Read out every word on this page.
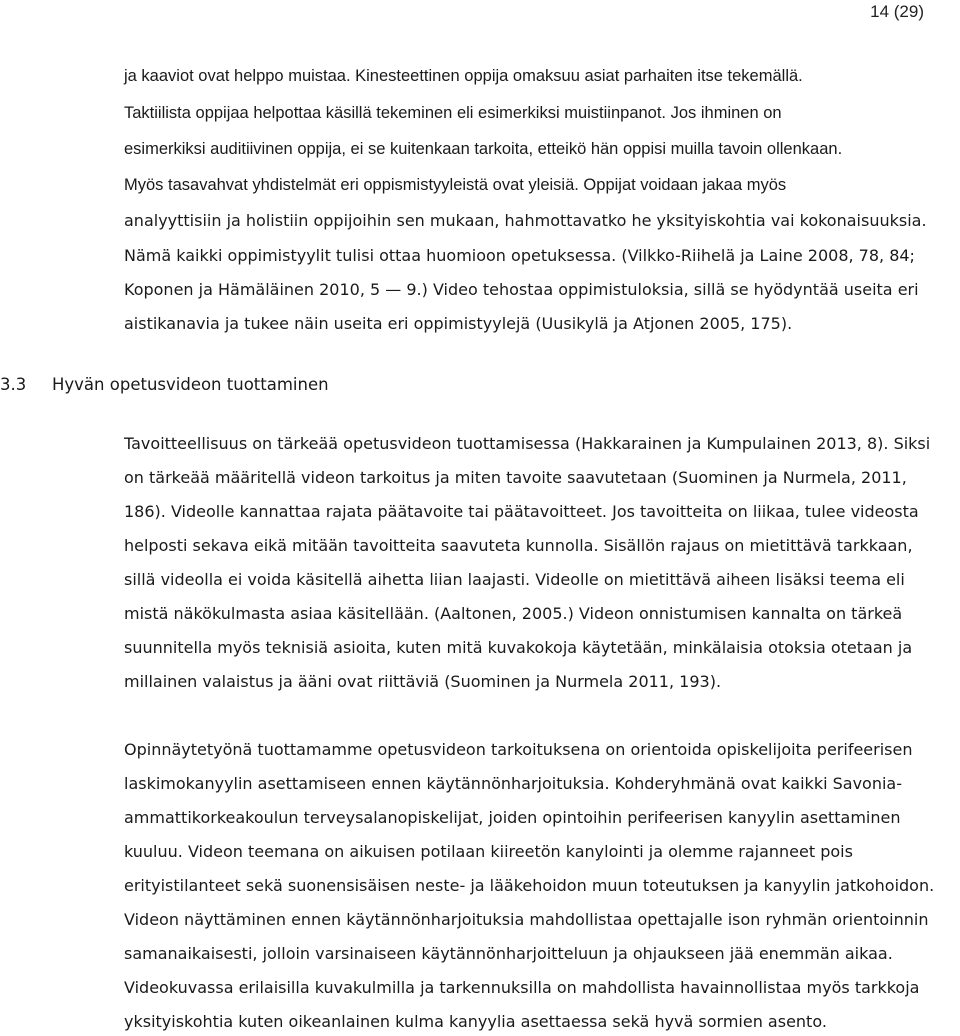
14 (29)
ja kaaviot ovat helppo muistaa. Kinesteettinen oppija omaksuu asiat parhaiten itse tekemällä.
Taktiilista oppijaa helpottaa käsillä tekeminen eli esimerkiksi muistiinpanot. Jos ihminen on
esimerkiksi auditiivinen oppija, ei se kuitenkaan tarkoita, etteikö hän oppisi muilla tavoin ollenkaan.
Myös tasavahvat yhdistelmät eri oppismistyyleistä ovat yleisiä. Oppijat voidaan jakaa myös
analyyttisiin ja holistiin oppijoihin sen mukaan, hahmottavatko he yksityiskohtia vai kokonaisuuksia.
Nämä kaikki oppimistyylit tulisi ottaa huomioon opetuksessa. (Vilkko-Riihelä ja Laine 2008, 78, 84;
Koponen ja Hämäläinen 2010, 5 — 9.) Video tehostaa oppimistuloksia, sillä se hyödyntää useita eri
aistikanavia ja tukee näin useita eri oppimistyylejä (Uusikylä ja Atjonen 2005, 175).
3.3 Hyvän opetusvideon tuottaminen
Tavoitteellisuus on tärkeää opetusvideon tuottamisessa (Hakkarainen ja Kumpulainen 2013, 8). Siksi
on tärkeää määritellä videon tarkoitus ja miten tavoite saavutetaan (Suominen ja Nurmela, 2011,
186). Videolle kannattaa rajata päätavoite tai päätavoitteet. Jos tavoitteita on liikaa, tulee videosta
helposti sekava eikä mitään tavoitteita saavuteta kunnolla. Sisällön rajaus on mietittävä tarkkaan,
sillä videolla ei voida käsitellä aihetta liian laajasti. Videolle on mietittävä aiheen lisäksi teema eli
mistä näkökulmasta asiaa käsitellään. (Aaltonen, 2005.) Videon onnistumisen kannalta on tärkeä
suunnitella myös teknisiä asioita, kuten mitä kuvakokoja käytetään, minkälaisia otoksia otetaan ja
millainen valaistus ja ääni ovat riittäviä (Suominen ja Nurmela 2011, 193).
Opinnäytetyönä tuottamamme opetusvideon tarkoituksena on orientoida opiskelijoita perifeerisen
laskimokanyylin asettamiseen ennen käytännönharjoituksia. Kohderyhmänä ovat kaikki Savonia-
ammattikorkeakoulun terveysalanopiskelijat, joiden opintoihin perifeerisen kanyylin asettaminen
kuuluu. Videon teemana on aikuisen potilaan kiireetön kanylointi ja olemme rajanneet pois
erityistilanteet sekä suonensisäisen neste- ja lääkehoidon muun toteutuksen ja kanyylin jatkohoidon.
Videon näyttäminen ennen käytännönharjoituksia mahdollistaa opettajalle ison ryhmän orientoinnin
samanaikaisesti, jolloin varsinaiseen käytännönharjoitteluun ja ohjaukseen jää enemmän aikaa.
Videokuvassa erilaisilla kuvakulmilla ja tarkennuksilla on mahdollista havainnollistaa myös tarkkoja
yksityiskohtia kuten oikeanlainen kulma kanyylia asettaessa sekä hyvä sormien asento.
